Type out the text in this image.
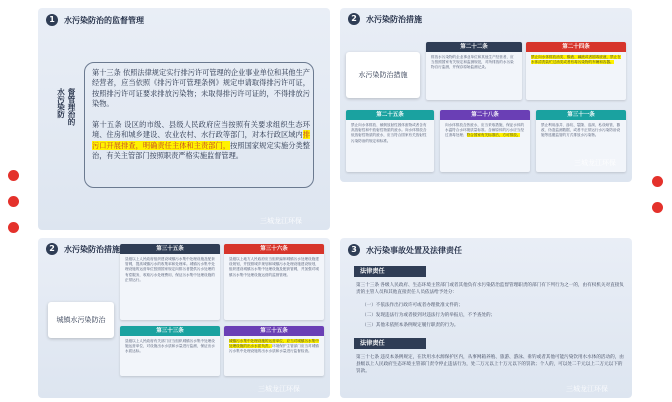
1	水污染防治的监督管理
水污染防 督管理治的
第十三条 依照法律规定实行排污许可管理的企业事业单位和其他生产经营者，应当依照《排污许可管理条例》规定申请取得排污许可证，按照排污许可证要求排放污染物；未取得排污许可证的，不得排放污染物。
第十五条 设区的市级、县级人民政府应当按照有关要求组织生态环境、住房和城乡建设、农业农村、水行政等部门，对本行政区域内排污口开展排查，明确责任主体和主责部门，按照国家规定实施分类整治，有关主管部门按照职责严格实施监督管理。
三城龙江环保
2	水污染防治措施
水污染防治措施
第二十二条
排放水污染物的企业事业单位和其他生产经营者，应当按照国家有关规定和监测规范，对所排放的水污染物自行监测，并保存原始监测记录。
第二十四条
禁止向水体排放油类、酸液、碱液或者剧毒废液，禁止在水体清洗装贮过油类或者有毒污染物的车辆和容器。
第二十五条
禁止向水体排放、倾倒放射性固体废物或者含有高放射性和中放射性物质的废水。向水体排放含低放射性物质的废水，应当符合国家有关放射性污染防治的规定和标准。
第二十八条
向水体排放含热废水，应当采取措施，保证水体的水温符合水环境质量标准。含病原体的污水应当经过消毒处理；符合国家有关标准后，方可排放。
第三十一条
禁止利用渗井、渗坑、裂隙、溶洞，私设暗管，篡改、伪造监测数据，或者不正常运行水污染防治设施等逃避监管的方式排放水污染物。
三城龙江环保
2	水污染防治措施
城镇水污染防治
第三十五条
县级以上人民政府组织建设城镇污水集中处理设施及配套管网，提高城镇污水的收集率和处理率。城镇污水集中处理设施的运营单位按照国家规定向排污者提供污水处理的有偿服务，收取污水处理费用，保证污水集中处理设施的正常运行。
第三十六条
县级以上地方人民政府应当组织编制城镇污水处理设施建设规划，并按照城乡规划和城镇污水处理设施建设规划，组织建设城镇污水集中处理设施及配套管网，并加强对城镇污水集中处理设施运营的监督管理。
第三十三条
县级以上人民政府有关部门应当组织城镇污水集中处理设施运营单位，对设施出水水质和水量进行监测，保证出水水质达标。
第三十五条
城镇污水集中处理设施的运营单位，应当对城镇污水集中处理设施的出水水质负责。环境保护主管部门应当对城镇污水集中处理设施的出水水质和水量进行监督检查。
三城龙江环保
3	水污染事故处置及法律责任
法律责任
第三十三条 各级人民政府、生态环境主管部门或者其他负有水污染防治监督管理职责的部门有下列行为之一的，由有权机关对直接负责的主管人员和其他直接责任人员依法给予处分：
（一）不依法作出行政许可或者办理批准文件的；
（二）发现违法行为或者接到对违法行为的举报后，不予查处的；
（三）其他未依照本条例规定履行职责的行为。
法律责任
第三十七条 违反本条例规定，在饮用水水源保护区内，从事网箱养殖、旅游、游泳、垂钓或者其他可能污染饮用水水体的活动的，由县级以上人民政府生态环境主管部门责令停止违法行为，处二万元以上十万元以下的罚款；个人的，可以处二千元以上二万元以下的罚款。
三城龙江环保
